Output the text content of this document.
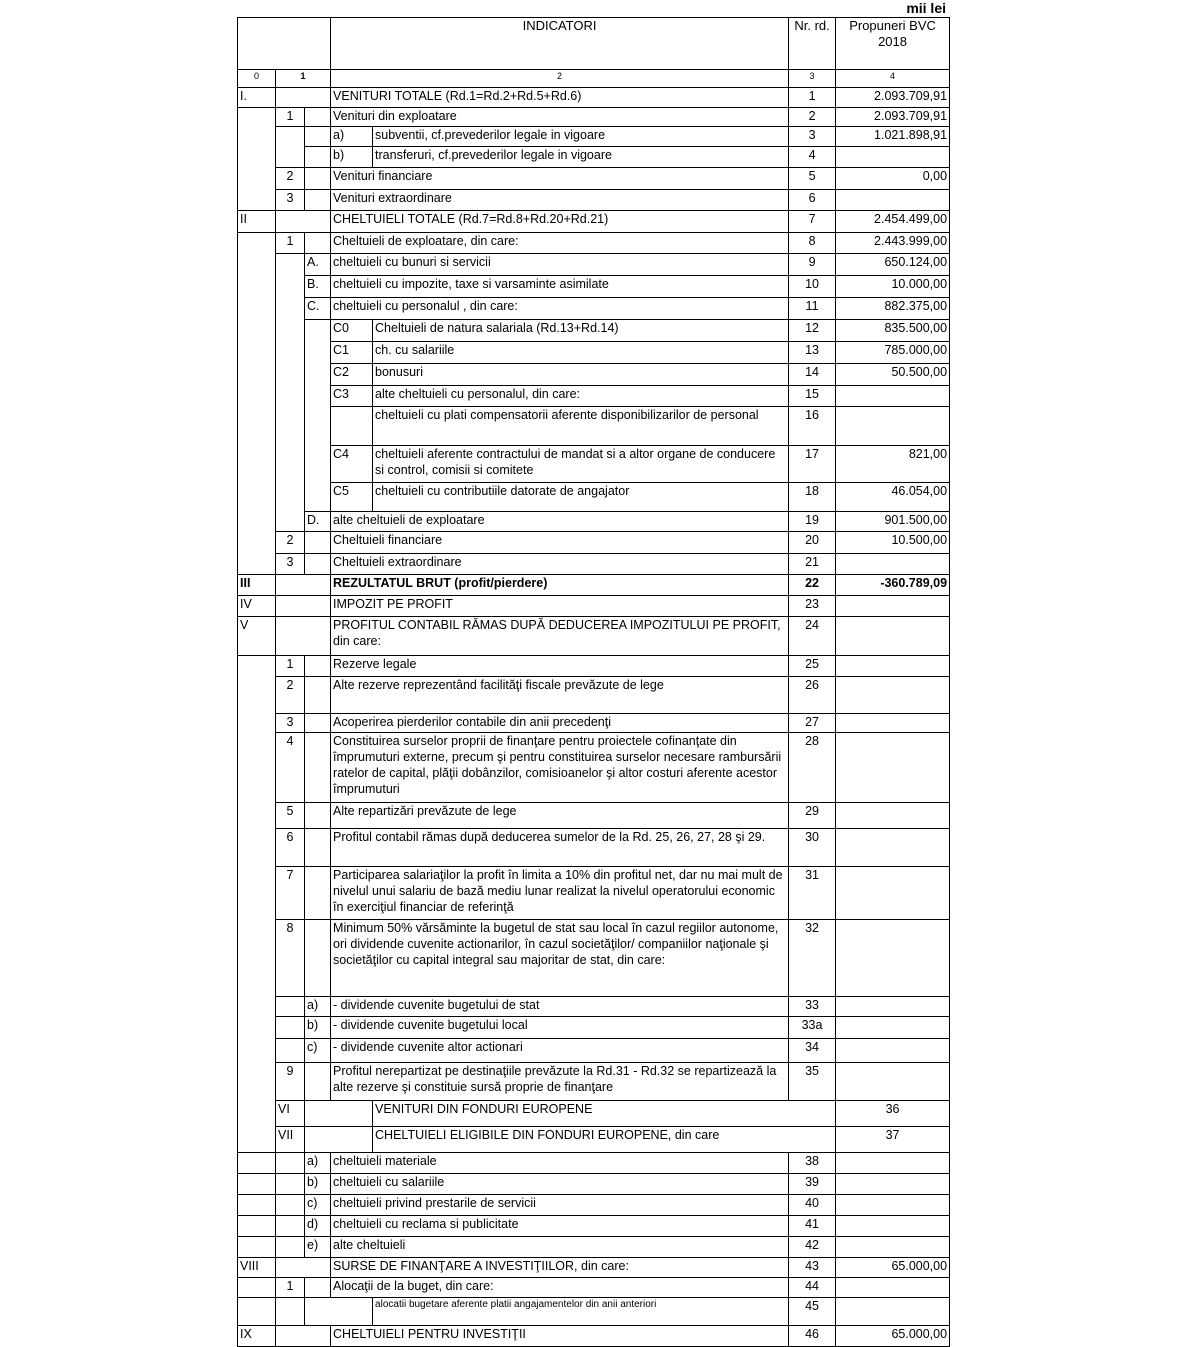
mii lei
			INDICATORI		Nr. rd.	Propuneri BVC 2018	
0	1		2		3	4	
I.			VENITURI TOTALE (Rd.1=Rd.2+Rd.5+Rd.6)		1	2.093.709,91	
	1		Venituri din exploatare		2	2.093.709,91	
			a)	subventii, cf.prevederilor legale in vigoare	3	1.021.898,91	
			b)	transferuri, cf.prevederilor legale in vigoare	4		
	2		Venituri financiare		5	0,00	
	3		Venituri extraordinare		6		
II			CHELTUIELI TOTALE (Rd.7=Rd.8+Rd.20+Rd.21)		7	2.454.499,00	
	1		Cheltuieli de exploatare, din care:		8	2.443.999,00	
		A.	cheltuieli cu bunuri si servicii		9	650.124,00	
		B.	cheltuieli cu impozite, taxe si varsaminte asimilate		10	10.000,00	
		C.	cheltuieli cu personalul , din care:		11	882.375,00	
			C0	Cheltuieli de natura salariala (Rd.13+Rd.14)	12	835.500,00	
			C1	ch. cu salariile	13	785.000,00	
			C2	bonusuri	14	50.500,00	
			C3	alte cheltuieli cu personalul, din care:	15		
				cheltuieli cu plati compensatorii aferente disponibilizarilor de personal	16		
			C4	cheltuieli aferente contractului de mandat si a altor organe de conducere si control, comisii si comitete	17	821,00	
			C5	cheltuieli cu contributiile datorate de angajator	18	46.054,00	
		D.	alte cheltuieli de exploatare		19	901.500,00	
	2		Cheltuieli financiare		20	10.500,00	
	3		Cheltuieli extraordinare		21		
III			REZULTATUL BRUT (profit/pierdere)		22	-360.789,09	
IV			IMPOZIT PE PROFIT		23		
V			PROFITUL CONTABIL RĂMAS DUPĂ DEDUCEREA IMPOZITULUI PE PROFIT, din care:		24		
	1		Rezerve legale		25		
	2		Alte rezerve reprezentând facilităţi fiscale prevăzute de lege		26		
	3		Acoperirea pierderilor contabile din anii precedenţi		27		
	4		Constituirea surselor proprii de finanţare pentru proiectele cofinanţate din împrumuturi externe, precum şi pentru constituirea surselor necesare rambursării ratelor de capital, plăţii dobânzilor, comisioanelor şi altor costuri aferente acestor împrumuturi		28		
	5		Alte repartizări prevăzute de lege		29		
	6		Profitul contabil rămas după deducerea sumelor de la Rd. 25, 26, 27, 28 şi 29.		30		
	7		Participarea salariaţilor la profit în limita a 10% din profitul net, dar nu mai mult de nivelul unui salariu de bază mediu lunar realizat la nivelul operatorului economic în exerciţiul financiar de referinţă		31		
	8		Minimum 50% vărsăminte la bugetul de stat sau local în cazul regiilor autonome, ori dividende cuvenite actionarilor, în cazul societăţilor/ companiilor naţionale şi societăţilor cu capital integral sau majoritar de stat, din care:		32		
		a)	- dividende cuvenite bugetului de stat		33		
		b)	- dividende cuvenite bugetului local		33a		
		c)	- dividende cuvenite altor actionari		34		
	9		Profitul nerepartizat pe destinaţiile prevăzute la Rd.31 - Rd.32 se repartizează la alte rezerve şi constituie sursă proprie de finanţare		35		
	VI			VENITURI DIN FONDURI EUROPENE		36	
	VII			CHELTUIELI ELIGIBILE DIN FONDURI EUROPENE, din care		37	
		a)	cheltuieli materiale		38		
		b)	cheltuieli cu salariile		39		
		c)	cheltuieli privind prestarile de servicii		40		
		d)	cheltuieli cu reclama si publicitate		41		
		e)	alte cheltuieli		42		
VIII			SURSE DE FINANŢARE A INVESTIŢIILOR, din care:		43	65.000,00	
	1		Alocaţii de la buget, din care:		44		
				alocatii bugetare aferente platii angajamentelor din anii anteriori	45		
IX			CHELTUIELI PENTRU INVESTIŢII		46	65.000,00	
